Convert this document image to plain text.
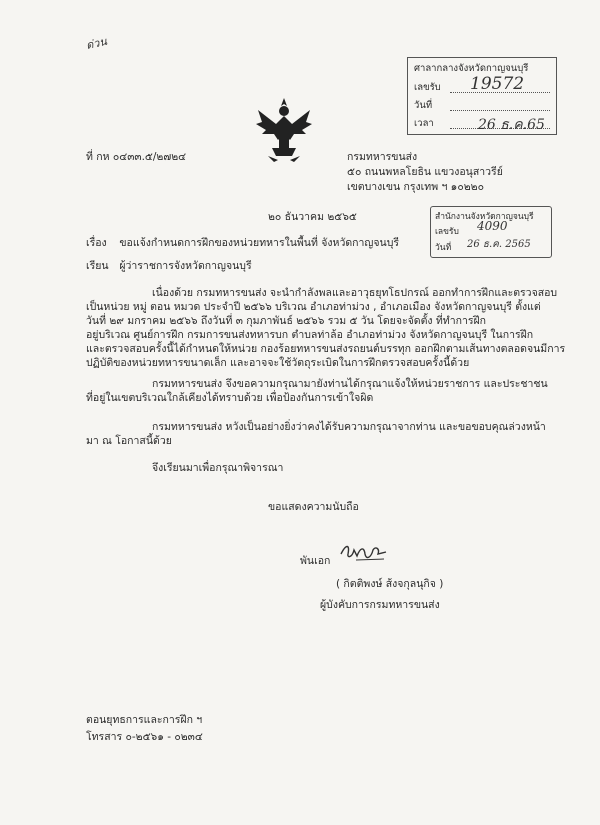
ด่วน
ศาลากลางจังหวัดกาญจนบุรี
เลขรับ 19572
วันที่
เวลา	26 ธ.ค.65
ที่ กห ๐๔๓๓.๕/๒๗๒๔	กรมทหารขนส่ง
๕๐ ถนนพหลโยธิน แขวงอนุสาวรีย์
เขตบางเขน กรุงเทพ ฯ ๑๐๒๒๐
๒๐ ธันวาคม ๒๕๖๕	สำนักงานจังหวัดกาญจนบุรี
เลขรับ 4090
วันที่ 26 ธ.ค. 2565
เรื่อง ขอแจ้งกำหนดการฝึกของหน่วยทหารในพื้นที่ จังหวัดกาญจนบุรี
เรียน ผู้ว่าราชการจังหวัดกาญจนบุรี
เนื่องด้วย กรมทหารขนส่ง จะนำกำลังพลและอาวุธยุทโธปกรณ์ ออกทำการฝึกและตรวจสอบ
เป็นหน่วย หมู่ ตอน หมวด ประจำปี ๒๕๖๖ บริเวณ อำเภอท่าม่วง , อำเภอเมือง จังหวัดกาญจนบุรี ตั้งแต่
วันที่ ๒๙ มกราคม ๒๕๖๖ ถึงวันที่ ๓ กุมภาพันธ์ ๒๕๖๖ รวม ๕ วัน โดยจะจัดตั้ง ที่ทำการฝึก
อยู่บริเวณ ศูนย์การฝึก กรมการขนส่งทหารบก ตำบลท่าล้อ อำเภอท่าม่วง จังหวัดกาญจนบุรี ในการฝึก
และตรวจสอบครั้งนี้ได้กำหนดให้หน่วย กองร้อยทหารขนส่งรถยนต์บรรทุก ออกฝึกตามเส้นทางตลอดจนมีการ
ปฏิบัติของหน่วยทหารขนาดเล็ก และอาจจะใช้วัตถุระเบิดในการฝึกตรวจสอบครั้งนี้ด้วย
กรมทหารขนส่ง จึงขอความกรุณามายังท่านได้กรุณาแจ้งให้หน่วยราชการ และประชาชน
ที่อยู่ในเขตบริเวณใกล้เคียงได้ทราบด้วย เพื่อป้องกันการเข้าใจผิด
กรมทหารขนส่ง หวังเป็นอย่างยิ่งว่าคงได้รับความกรุณาจากท่าน และขอขอบคุณล่วงหน้า
มา ณ โอกาสนี้ด้วย
จึงเรียนมาเพื่อกรุณาพิจารณา
ขอแสดงความนับถือ
พันเอก
( กิตติพงษ์ ส้งจกุลนุกิจ )
ผู้บังคับการกรมทหารขนส่ง
ตอนยุทธการและการฝึก ฯ
โทรสาร ๐-๒๕๖๑ - ๐๒๓๔
